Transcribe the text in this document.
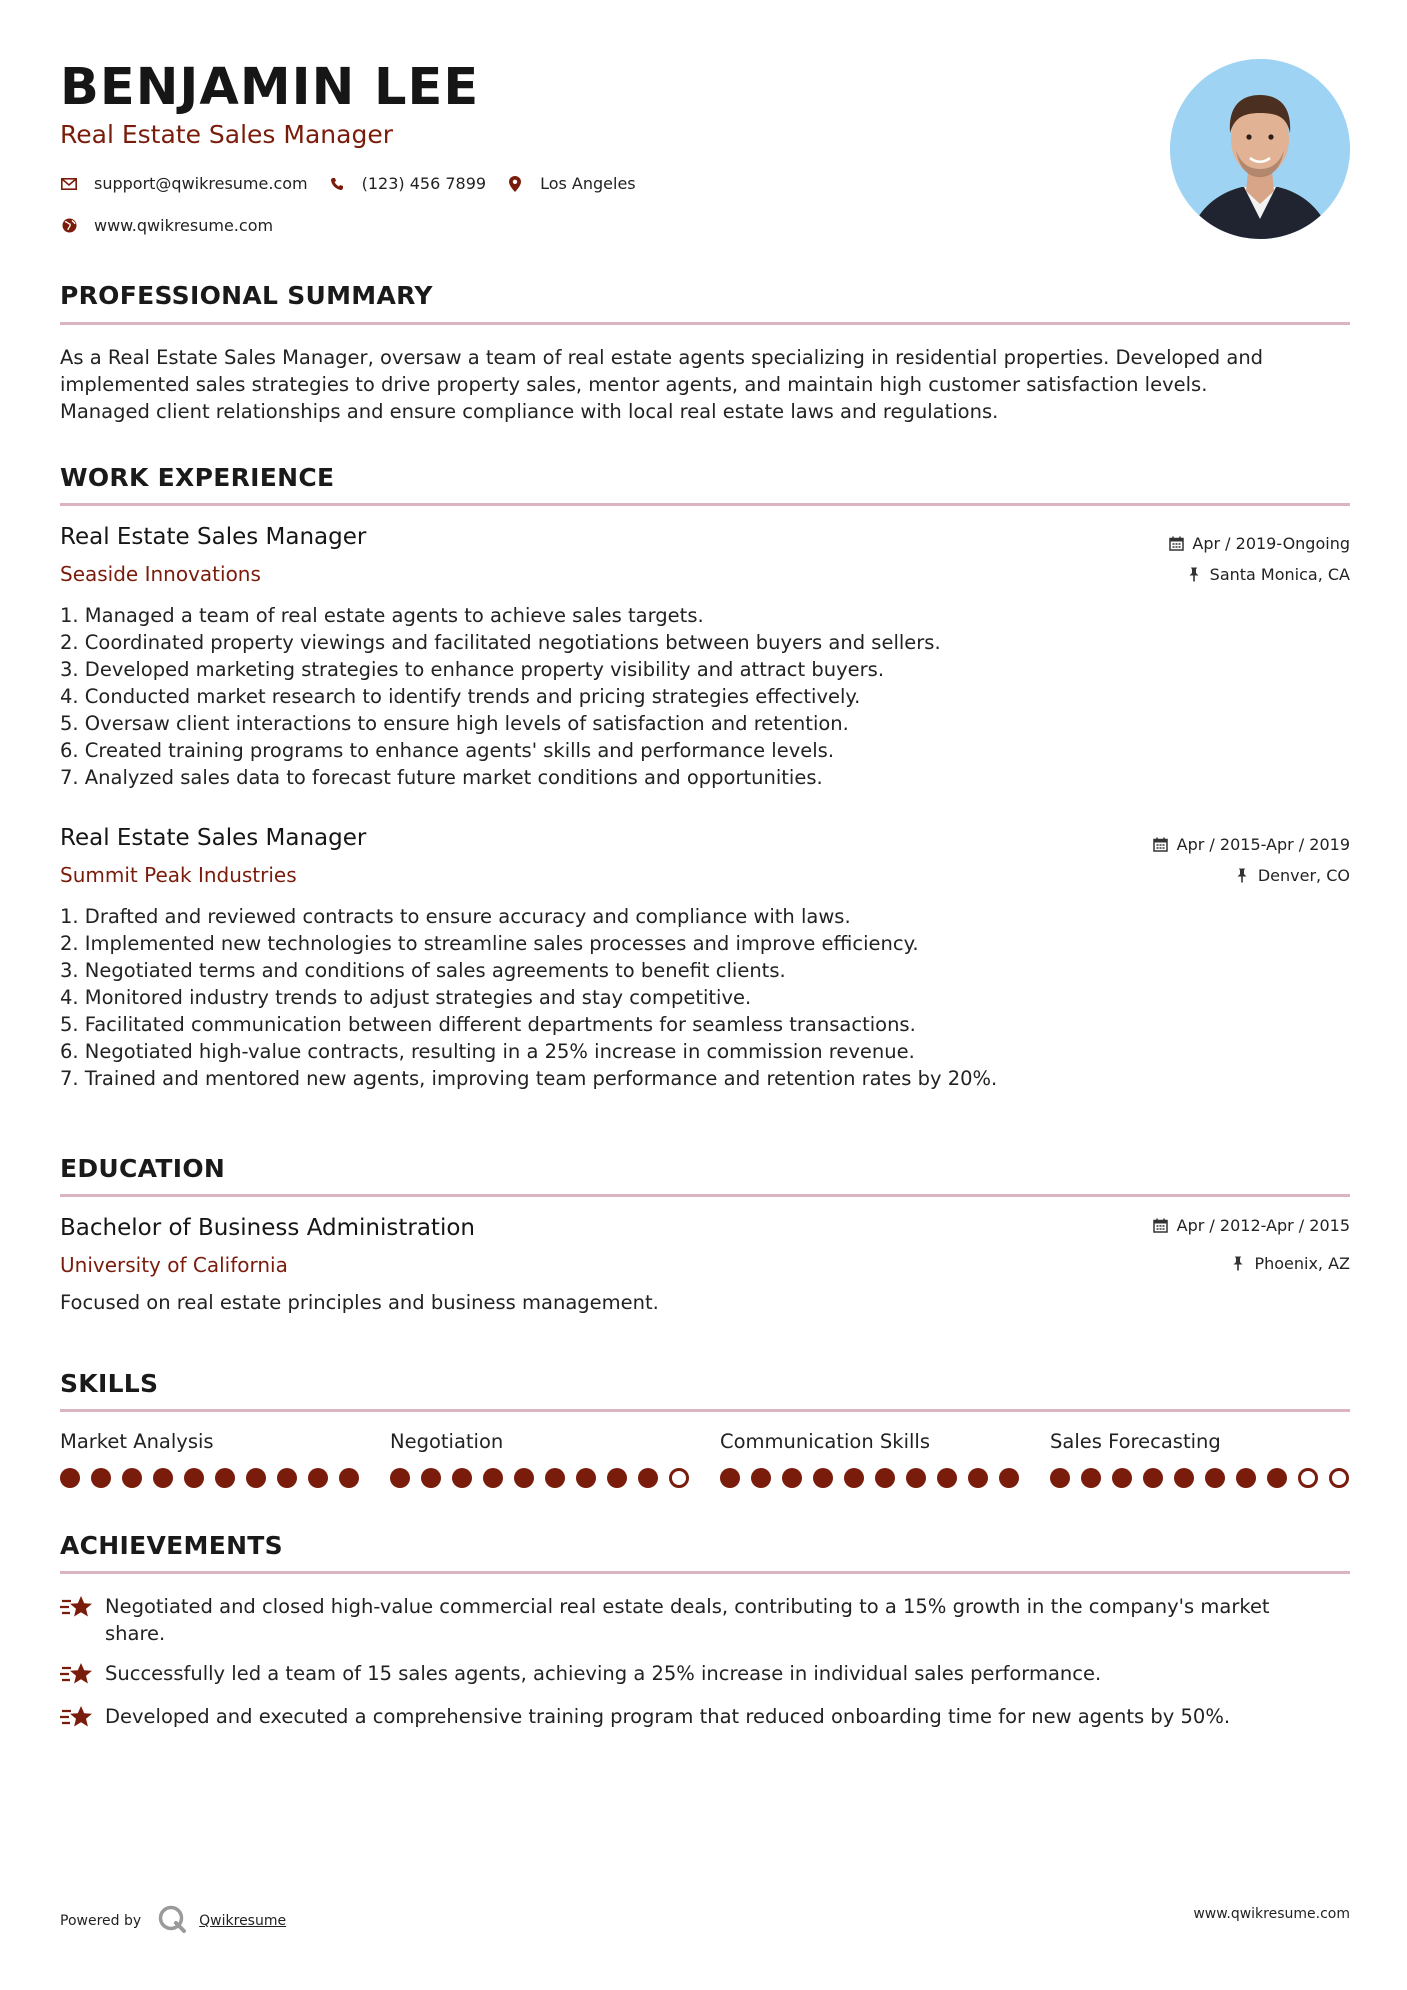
BENJAMIN LEE
Real Estate Sales Manager
support@qwikresume.com	(123) 456 7899	Los Angeles
www.qwikresume.com
PROFESSIONAL SUMMARY
As a Real Estate Sales Manager, oversaw a team of real estate agents specializing in residential properties. Developed and
implemented sales strategies to drive property sales, mentor agents, and maintain high customer satisfaction levels.
Managed client relationships and ensure compliance with local real estate laws and regulations.
WORK EXPERIENCE
Real Estate Sales Manager
Seaside Innovations
Apr / 2019-Ongoing
Santa Monica, CA
1. Managed a team of real estate agents to achieve sales targets.
2. Coordinated property viewings and facilitated negotiations between buyers and sellers.
3. Developed marketing strategies to enhance property visibility and attract buyers.
4. Conducted market research to identify trends and pricing strategies effectively.
5. Oversaw client interactions to ensure high levels of satisfaction and retention.
6. Created training programs to enhance agents' skills and performance levels.
7. Analyzed sales data to forecast future market conditions and opportunities.
Real Estate Sales Manager
Summit Peak Industries
Apr / 2015-Apr / 2019
Denver, CO
1. Drafted and reviewed contracts to ensure accuracy and compliance with laws.
2. Implemented new technologies to streamline sales processes and improve efficiency.
3. Negotiated terms and conditions of sales agreements to benefit clients.
4. Monitored industry trends to adjust strategies and stay competitive.
5. Facilitated communication between different departments for seamless transactions.
6. Negotiated high-value contracts, resulting in a 25% increase in commission revenue.
7. Trained and mentored new agents, improving team performance and retention rates by 20%.
EDUCATION
Bachelor of Business Administration
University of California
Apr / 2012-Apr / 2015
Phoenix, AZ
Focused on real estate principles and business management.
SKILLS
Market Analysis	Negotiation	Communication Skills	Sales Forecasting
ACHIEVEMENTS
Negotiated and closed high-value commercial real estate deals, contributing to a 15% growth in the company's market
share.
Successfully led a team of 15 sales agents, achieving a 25% increase in individual sales performance.
Developed and executed a comprehensive training program that reduced onboarding time for new agents by 50%.
Powered by	Qwikresume	www.qwikresume.com
